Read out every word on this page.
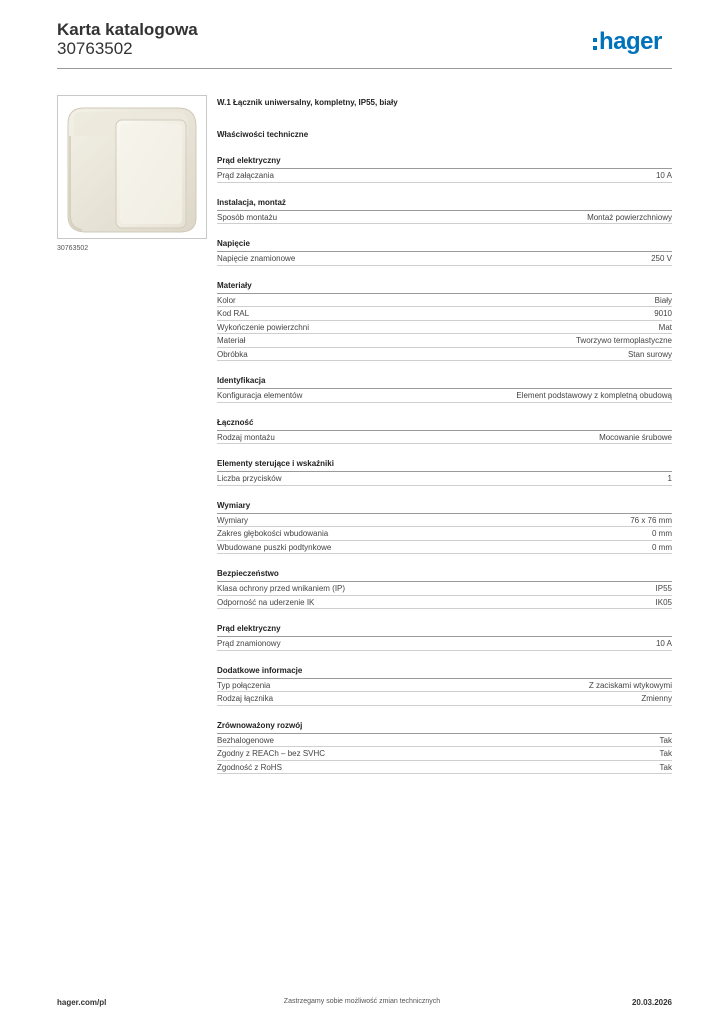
Karta katalogowa
30763502	hager
30763502
W.1 Łącznik uniwersalny, kompletny, IP55, biały
Właściwości techniczne
Prąd elektryczny
Prąd załączania	10 A
Instalacja, montaż
Sposób montażu	Montaż powierzchniowy
Napięcie
Napięcie znamionowe	250 V
Materiały
Kolor	Biały
Kod RAL	9010
Wykończenie powierzchni	Mat
Materiał	Tworzywo termoplastyczne
Obróbka	Stan surowy
Identyfikacja
Konfiguracja elementów	Element podstawowy z kompletną obudową
Łączność
Rodzaj montażu	Mocowanie śrubowe
Elementy sterujące i wskaźniki
Liczba przycisków	1
Wymiary
Wymiary	76 x 76 mm
Zakres głębokości wbudowania	0 mm
Wbudowane puszki podtynkowe	0 mm
Bezpieczeństwo
Klasa ochrony przed wnikaniem (IP)	IP55
Odporność na uderzenie IK	IK05
Prąd elektryczny
Prąd znamionowy	10 A
Dodatkowe informacje
Typ połączenia	Z zaciskami wtykowymi
Rodzaj łącznika	Zmienny
Zrównoważony rozwój
Bezhalogenowe	Tak
Zgodny z REACh – bez SVHC	Tak
Zgodność z RoHS	Tak
hager.com/pl	Zastrzegamy sobie możliwość zmian technicznych	20.03.2026
